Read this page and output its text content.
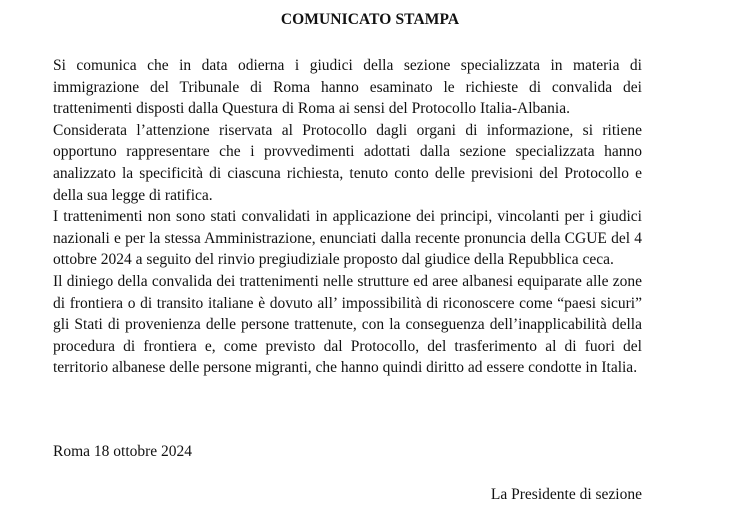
COMUNICATO STAMPA

Si comunica che in data odierna i giudici della sezione specializzata in materia di immigrazione del Tribunale di Roma hanno esaminato le richieste di convalida dei trattenimenti disposti dalla Questura di Roma ai sensi del Protocollo Italia-Albania.

Considerata l’attenzione riservata al Protocollo dagli organi di informazione, si ritiene opportuno rappresentare che i provvedimenti adottati dalla sezione specializzata hanno analizzato la specificità di ciascuna richiesta, tenuto conto delle previsioni del Protocollo e della sua legge di ratifica.

I trattenimenti non sono stati convalidati in applicazione dei principi, vincolanti per i giudici nazionali e per la stessa Amministrazione, enunciati dalla recente pronuncia della CGUE del 4 ottobre 2024 a seguito del rinvio pregiudiziale proposto dal giudice della Repubblica ceca.

Il diniego della convalida dei trattenimenti nelle strutture ed aree albanesi equiparate alle zone di frontiera o di transito italiane è dovuto all’ impossibilità di riconoscere come “paesi sicuri” gli Stati di provenienza delle persone trattenute, con la conseguenza dell’inapplicabilità della procedura di frontiera e, come previsto dal Protocollo, del trasferimento al di fuori del territorio albanese delle persone migranti, che hanno quindi diritto ad essere condotte in Italia.

Roma 18 ottobre 2024
La Presidente di sezione
